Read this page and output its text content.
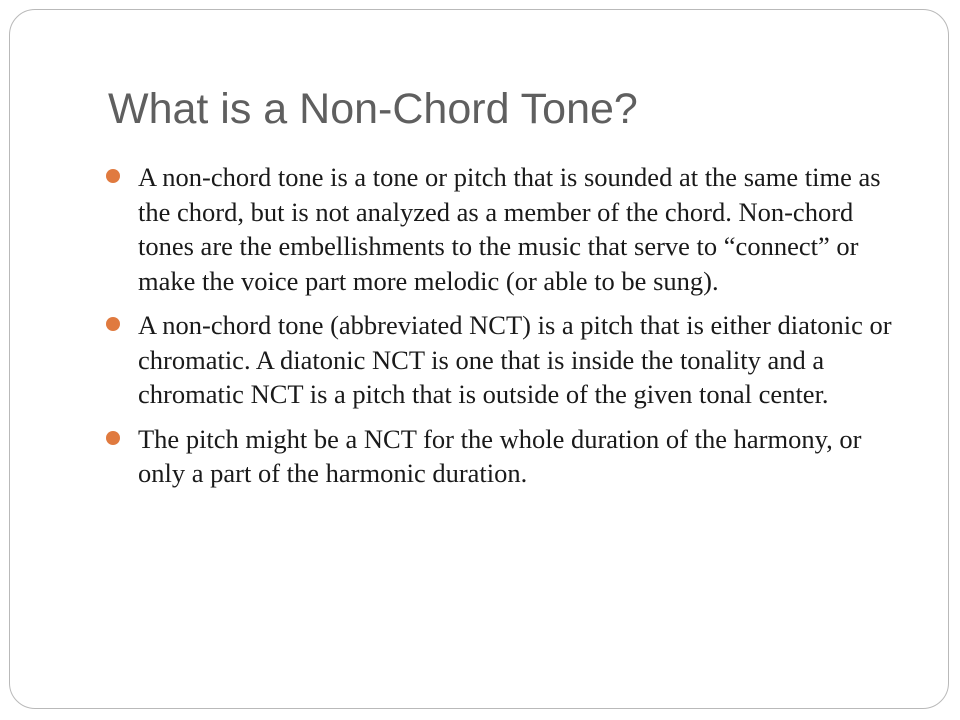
What is a Non-Chord Tone?
A non-chord tone is a tone or pitch that is sounded at the same time as the chord, but is not analyzed as a member of the chord. Non-chord tones are the embellishments to the music that serve to “connect” or make the voice part more melodic (or able to be sung).
A non-chord tone (abbreviated NCT) is a pitch that is either diatonic or chromatic. A diatonic NCT is one that is inside the tonality and a chromatic NCT is a pitch that is outside of the given tonal center.
The pitch might be a NCT for the whole duration of the harmony, or only a part of the harmonic duration.
